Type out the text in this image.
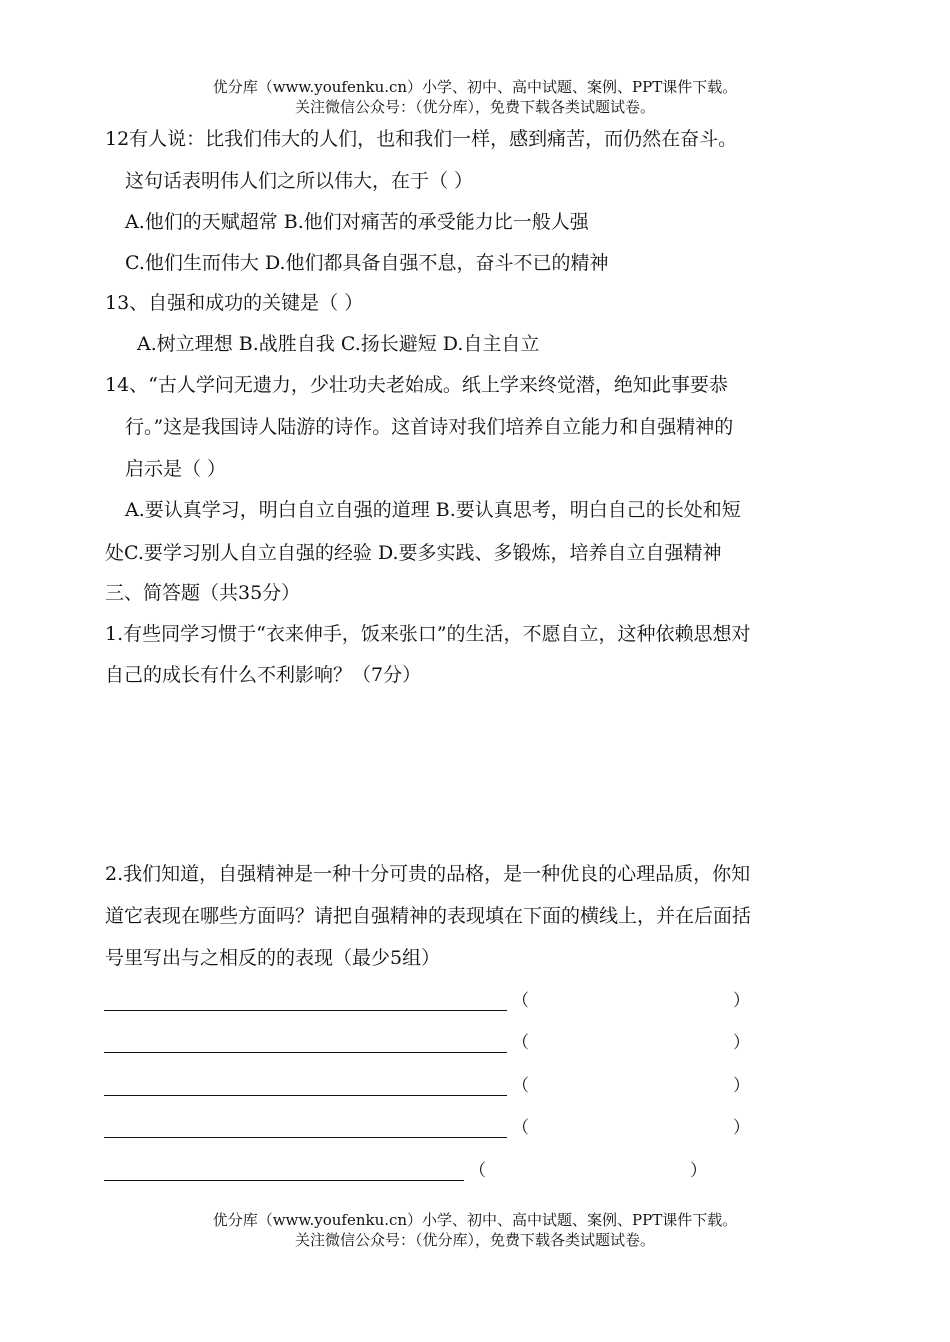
优分库（www.youfenku.cn）小学、初中、高中试题、案例、PPT课件下载。
关注微信公众号：（优分库），免费下载各类试题试卷。
12有人说：比我们伟大的人们，也和我们一样，感到痛苦，而仍然在奋斗。
这句话表明伟人们之所以伟大，在于（ ）
A.他们的天赋超常 B.他们对痛苦的承受能力比一般人强
C.他们生而伟大 D.他们都具备自强不息，奋斗不已的精神
13、自强和成功的关键是（ ）
A.树立理想 B.战胜自我 C.扬长避短 D.自主自立
14、“古人学问无遗力，少壮功夫老始成。纸上学来终觉潜，绝知此事要恭
行。”这是我国诗人陆游的诗作。这首诗对我们培养自立能力和自强精神的
启示是（ ）
A.要认真学习，明白自立自强的道理 B.要认真思考，明白自己的长处和短
处C.要学习别人自立自强的经验 D.要多实践、多锻炼，培养自立自强精神
三、简答题（共35分）
1.有些同学习惯于“衣来伸手，饭来张口”的生活，不愿自立，这种依赖思想对
自己的成长有什么不利影响？（7分）
2.我们知道，自强精神是一种十分可贵的品格，是一种优良的心理品质，你知
道它表现在哪些方面吗？请把自强精神的表现填在下面的横线上，并在后面括
号里写出与之相反的的表现（最少5组）
（	）
（	）
（	）
（	）
（	）
优分库（www.youfenku.cn）小学、初中、高中试题、案例、PPT课件下载。
关注微信公众号：（优分库），免费下载各类试题试卷。
